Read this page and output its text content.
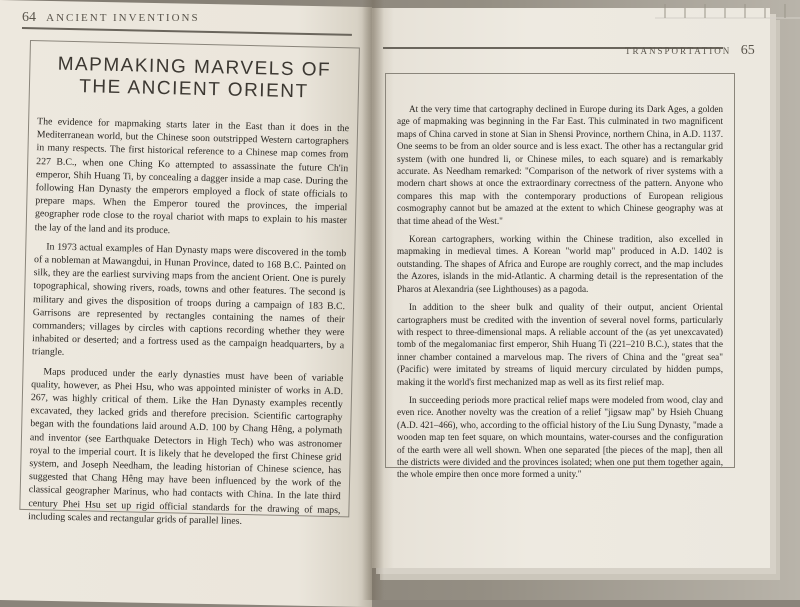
64 ANCIENT INVENTIONS
MAPMAKING MARVELS OF
THE ANCIENT ORIENT

The evidence for mapmaking starts later in the East than it does in the Mediterranean world, but the Chinese soon outstripped Western cartographers in many respects. The first historical reference to a Chinese map comes from 227 B.C., when one Ching Ko attempted to assassinate the future Ch'in emperor, Shih Huang Ti, by concealing a dagger inside a map case. During the following Han Dynasty the emperors employed a flock of state officials to prepare maps. When the Emperor toured the provinces, the imperial geographer rode close to the royal chariot with maps to explain to his master the lay of the land and its produce.

In 1973 actual examples of Han Dynasty maps were discovered in the tomb of a nobleman at Mawangdui, in Hunan Province, dated to 168 B.C. Painted on silk, they are the earliest surviving maps from the ancient Orient. One is purely topographical, showing rivers, roads, towns and other features. The second is military and gives the disposition of troops during a campaign of 183 B.C. Garrisons are represented by rectangles containing the names of their commanders; villages by circles with captions recording whether they were inhabited or deserted; and a fortress used as the campaign headquarters, by a triangle.

Maps produced under the early dynasties must have been of variable quality, however, as Phei Hsu, who was appointed minister of works in A.D. 267, was highly critical of them. Like the Han Dynasty examples recently excavated, they lacked grids and therefore precision. Scientific cartography began with the foundations laid around A.D. 100 by Chang Hêng, a polymath and inventor (see Earthquake Detectors in High Tech) who was astronomer royal to the imperial court. It is likely that he developed the first Chinese grid system, and Joseph Needham, the leading historian of Chinese science, has suggested that Chang Hêng may have been influenced by the work of the classical geographer Marinus, who had contacts with China. In the late third century Phei Hsu set up rigid official standards for the drawing of maps, including scales and rectangular grids of parallel lines.

TRANSPORTATION 65

At the very time that cartography declined in Europe during its Dark Ages, a golden age of mapmaking was beginning in the Far East. This culminated in two magnificent maps of China carved in stone at Sian in Shensi Province, northern China, in A.D. 1137. One seems to be from an older source and is less exact. The other has a rectangular grid system (with one hundred li, or Chinese miles, to each square) and is remarkably accurate. As Needham remarked: "Comparison of the network of river systems with a modern chart shows at once the extraordinary correctness of the pattern. Anyone who compares this map with the contemporary productions of European religious cosmography cannot but be amazed at the extent to which Chinese geography was at that time ahead of the West."

Korean cartographers, working within the Chinese tradition, also excelled in mapmaking in medieval times. A Korean "world map" produced in A.D. 1402 is outstanding. The shapes of Africa and Europe are roughly correct, and the map includes the Azores, islands in the mid-Atlantic. A charming detail is the representation of the Pharos at Alexandria (see Lighthouses) as a pagoda.

In addition to the sheer bulk and quality of their output, ancient Oriental cartographers must be credited with the invention of several novel forms, particularly with respect to three-dimensional maps. A reliable account of the (as yet unexcavated) tomb of the megalomaniac first emperor, Shih Huang Ti (221–210 B.C.), states that the inner chamber contained a marvelous map. The rivers of China and the "great sea" (Pacific) were imitated by streams of liquid mercury circulated by hidden pumps, making it the world's first mechanized map as well as its first relief map.

In succeeding periods more practical relief maps were modeled from wood, clay and even rice. Another novelty was the creation of a relief "jigsaw map" by Hsieh Chuang (A.D. 421–466), who, according to the official history of the Liu Sung Dynasty, "made a wooden map ten feet square, on which mountains, water-courses and the configuration of the earth were all well shown. When one separated [the pieces of the map], then all the districts were divided and the provinces isolated; when one put them together again, the whole empire then once more formed a unity."
